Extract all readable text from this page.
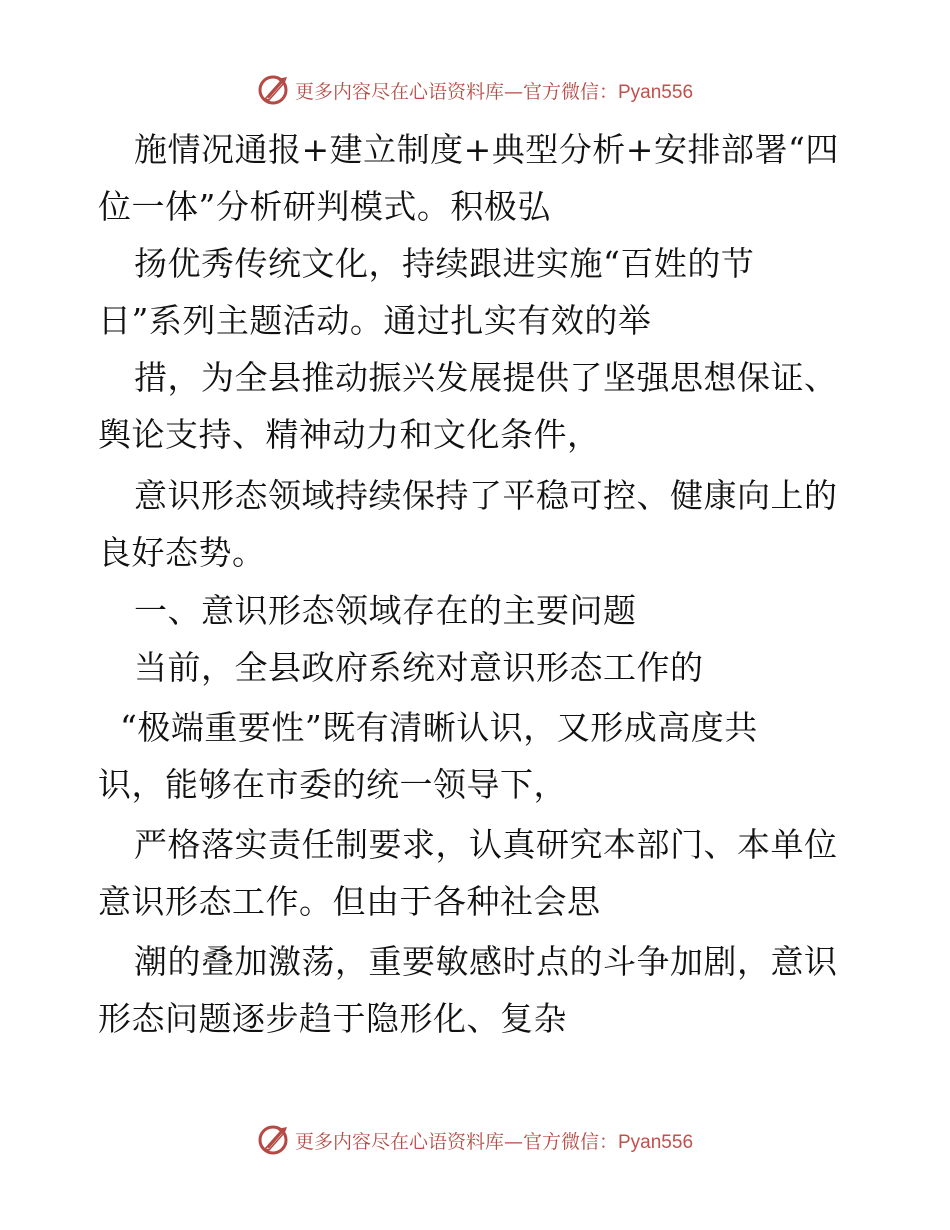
更多内容尽在心语资料库—官方微信：Pyan556
施情况通报+建立制度+典型分析+安排部署“四
位一体”分析研判模式。积极弘
扬优秀传统文化，持续跟进实施“百姓的节
日”系列主题活动。通过扎实有效的举
措，为全县推动振兴发展提供了坚强思想保证、
舆论支持、精神动力和文化条件，
意识形态领域持续保持了平稳可控、健康向上的
良好态势。
一、意识形态领域存在的主要问题
当前，全县政府系统对意识形态工作的
“极端重要性”既有清晰认识，又形成高度共
识，能够在市委的统一领导下，
严格落实责任制要求，认真研究本部门、本单位
意识形态工作。但由于各种社会思
潮的叠加激荡，重要敏感时点的斗争加剧，意识
形态问题逐步趋于隐形化、复杂
更多内容尽在心语资料库—官方微信：Pyan556
